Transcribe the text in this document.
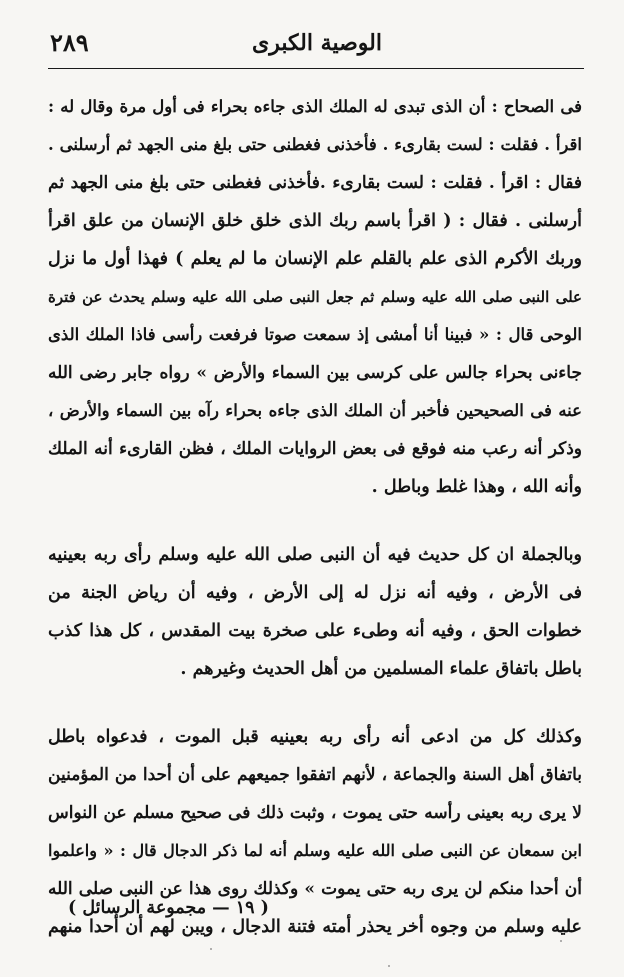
الوصية الكبرى
٢٨٩
فى الصحاح : أن الذى تبدى له الملك الذى جاءه بحراء فى أول مرة وقال له :
اقرأ . فقلت : لست بقارىء . فأخذنى فغطنى حتى بلغ منى الجهد ثم أرسلنى .
فقال : اقرأ . فقلت : لست بقارىء .فأخذنى فغطنى حتى بلغ منى الجهد ثم
أرسلنى . فقال : ( اقرأ باسم ربك الذى خلق خلق الإنسان من علق اقرأ
وربك الأكرم الذى علم بالقلم علم الإنسان ما لم يعلم ) فهذا أول ما نزل
على النبى صلى الله عليه وسلم ثم جعل النبى صلى الله عليه وسلم يحدث عن فترة
الوحى قال : « فبينا أنا أمشى إذ سمعت صوتا فرفعت رأسى فاذا الملك الذى
جاءنى بحراء جالس على كرسى بين السماء والأرض » رواه جابر رضى الله
عنه فى الصحيحين فأخبر أن الملك الذى جاءه بحراء رآه بين السماء والأرض ،
وذكر أنه رعب منه فوقع فى بعض الروايات الملك ، فظن القارىء أنه الملك
وأنه الله ، وهذا غلط وباطل .
وبالجملة ان كل حديث فيه أن النبى صلى الله عليه وسلم رأى ربه بعينيه
فى الأرض ، وفيه أنه نزل له إلى الأرض ، وفيه أن رياض الجنة من
خطوات الحق ، وفيه أنه وطىء على صخرة بيت المقدس ، كل هذا كذب
باطل باتفاق علماء المسلمين من أهل الحديث وغيرهم .
وكذلك كل من ادعى أنه رأى ربه بعينيه قبل الموت ، فدعواه باطل
باتفاق أهل السنة والجماعة ، لأنهم اتفقوا جميعهم على أن أحدا من المؤمنين
لا يرى ربه بعينى رأسه حتى يموت ، وثبت ذلك فى صحيح مسلم عن النواس
ابن سمعان عن النبى صلى الله عليه وسلم أنه لما ذكر الدجال قال : « واعلموا
أن أحدا منكم لن يرى ربه حتى يموت » وكذلك روى هذا عن النبى صلى الله
عليه وسلم من وجوه أخر يحذر أمته فتنة الدجال ، ويبن لهم أن أحدا منهم
( ١٩ — مجموعة الرسائل )
